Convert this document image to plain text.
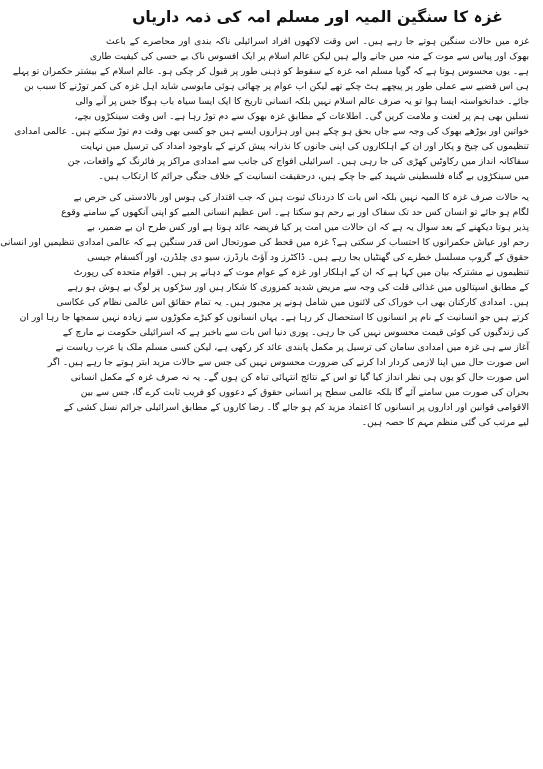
غزہ کا سنگین المیہ اور مسلم امہ کی ذمہ داریاں
غزہ میں حالات سنگین ہوتے جا رہے ہیں۔ اس وقت لاکھوں افراد اسرائیلی ناکہ بندی اور محاصرے کے باعث
بھوک اور پیاس سے موت کے منہ میں جانے والے ہیں لیکن عالم اسلام پر ایک افسوس ناک بے حسی کی کیفیت طاری
ہے۔ یوں محسوس ہوتا ہے کہ گویا مسلم امہ غزہ کے سقوط کو ذہنی طور پر قبول کر چکی ہو۔ عالم اسلام کے بیشتر حکمران تو پہلے
ہی اس قضیے سے عملی طور پر پیچھے ہٹ چکے تھے لیکن اب عوام پر چھائی ہوئی مایوسی شاید اہل غزہ کی کمر توڑنے کا سبب بن
جائے۔ خدانخواستہ ایسا ہوا تو یہ صرف عالم اسلام نہیں بلکہ انسانی تاریخ کا ایک ایسا سیاہ باب ہوگا جس پر آنے والی
نسلیں بھی ہم پر لعنت و ملامت کریں گی۔ اطلاعات کے مطابق غزہ بھوک سے دم توڑ رہا ہے۔ اس وقت سینکڑوں بچے،
خواتین اور بوڑھے بھوک کی وجہ سے جاں بحق ہو چکے ہیں اور ہزاروں ایسے ہیں جو کسی بھی وقت دم توڑ سکتے ہیں۔ عالمی امدادی
تنظیموں کی چیخ و پکار اور ان کے اہلکاروں کی اپنی جانوں کا نذرانہ پیش کرنے کے باوجود امداد کی ترسیل میں نہایت
سفاکانہ انداز میں رکاوٹیں کھڑی کی جا رہی ہیں۔ اسرائیلی افواج کی جانب سے امدادی مراکز پر فائرنگ کے واقعات، جن
میں سینکڑوں بے گناہ فلسطینی شہید کیے جا چکے ہیں، درحقیقت انسانیت کے خلاف جنگی جرائم کا ارتکاب ہیں۔
یہ حالات صرف غزہ کا المیہ نہیں بلکہ اس بات کا دردناک ثبوت ہیں کہ جب اقتدار کی ہوس اور بالادستی کی حرص بے
لگام ہو جائے تو انسان کس حد تک سفاک اور بے رحم ہو سکتا ہے۔ اس عظیم انسانی المیے کو اپنی آنکھوں کے سامنے وقوع
پذیر ہوتا دیکھنے کے بعد سوال یہ ہے کہ ان حالات میں امت پر کیا فریضہ عائد ہوتا ہے اور کس طرح ان بے ضمیر، بے
رحم اور عیاش حکمرانوں کا احتساب کر سکتی ہے؟ غزہ میں قحط کی صورتحال اس قدر سنگین ہے کہ عالمی امدادی تنظیمیں اور انسانی
حقوق کے گروپ مسلسل خطرے کی گھنٹیاں بجا رہے ہیں۔ ڈاکٹرز ود آؤٹ بارڈرز، سیو دی چلڈرن، اور آکسفام جیسی
تنظیموں نے مشترکہ بیان میں کہا ہے کہ ان کے اہلکار اور غزہ کے عوام موت کے دہانے پر ہیں۔ اقوام متحدہ کی رپورٹ
کے مطابق اسپتالوں میں غذائی قلت کی وجہ سے مریض شدید کمزوری کا شکار ہیں اور سڑکوں پر لوگ بے ہوش ہو رہے
ہیں۔ امدادی کارکنان بھی اب خوراک کی لائنوں میں شامل ہونے پر مجبور ہیں۔ یہ تمام حقائق اس عالمی نظام کی عکاسی
کرتے ہیں جو انسانیت کے نام پر انسانوں کا استحصال کر رہا ہے۔ یہاں انسانوں کو کیڑے مکوڑوں سے زیادہ نہیں سمجھا جا رہا اور ان
کی زندگیوں کی کوئی قیمت محسوس نہیں کی جا رہی۔ پوری دنیا اس بات سے باخبر ہے کہ اسرائیلی حکومت نے مارچ کے
آغاز سے ہی غزہ میں امدادی سامان کی ترسیل پر مکمل پابندی عائد کر رکھی ہے، لیکن کسی مسلم ملک یا عرب ریاست نے
اس صورت حال میں اپنا لازمی کردار ادا کرنے کی ضرورت محسوس نہیں کی جس سے حالات مزید ابتر ہوتے جا رہے ہیں۔ اگر
اس صورت حال کو یوں ہی نظر انداز کیا گیا تو اس کے نتائج انتہائی تباہ کن ہوں گے۔ یہ نہ صرف غزہ کے مکمل انسانی
بحران کی صورت میں سامنے آئے گا بلکہ عالمی سطح پر انسانی حقوق کے دعووں کو فریب ثابت کرے گا، جس سے بین
الاقوامی قوانین اور اداروں پر انسانوں کا اعتماد مزید کم ہو جائے گا۔ رضا کاروں کے مطابق اسرائیلی جرائم نسل کشی کے
لیے مرتب کی گئی منظم مہم کا حصہ ہیں۔
